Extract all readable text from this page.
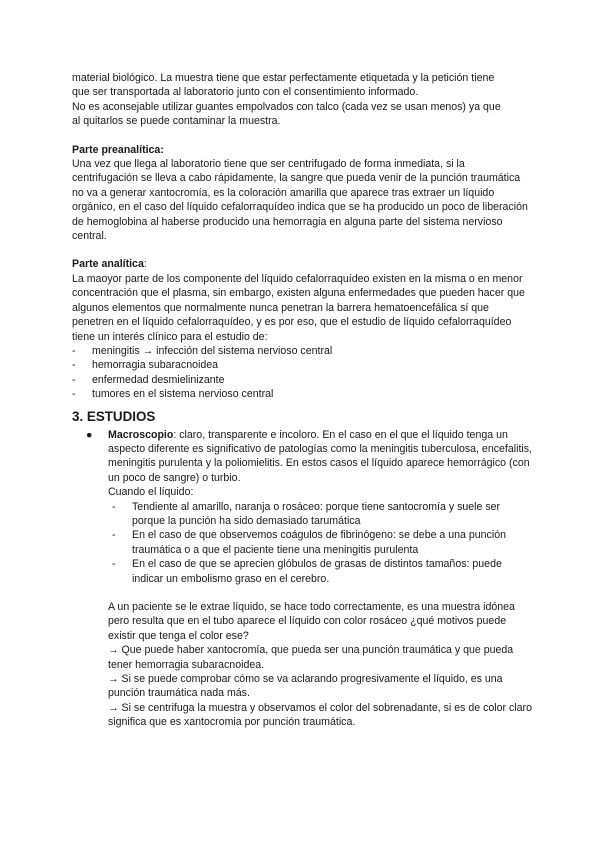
material biológico. La muestra tiene que estar perfectamente etiquetada y la petición tiene

que ser transportada al laboratorio junto con el consentimiento informado.

No es aconsejable utilizar guantes empolvados con talco (cada vez se usan menos) ya que

al quitarlos se puede contaminar la muestra.

Parte preanalítica:

Una vez que llega al laboratorio tiene que ser centrifugado de forma inmediata, si la centrifugación se lleva a cabo rápidamente, la sangre que pueda venir de la punción traumática no va a generar xantocromía, es la coloración amarilla que aparece tras extraer un líquido orgánico, en el caso del líquido cefalorraquídeo indica que se ha producido un poco de liberación de hemoglobina al haberse producido una hemorragia en alguna parte del sistema nervioso central.

Parte analítica:

La maoyor parte de los componente del líquido cefalorraquídeo existen en la misma o en menor concentración que el plasma, sin embargo, existen alguna enfermedades que pueden hacer que algunos elementos que normalmente nunca penetran la barrera hematoencefálica sí que penetren en el líquido cefalorraquídeo, y es por eso, que el estudio de líquido cefalorraquídeo tiene un interés clínico para el estudio de:

- meningitis → infección del sistema nervioso central
- hemorragia subaracnoidea
- enfermedad desmielinizante
- tumores en el sistema nervioso central
3. ESTUDIOS
● Macroscopio: claro, transparente e incoloro. En el caso en el que el líquido tenga un aspecto diferente es significativo de patologías como la meningitis tuberculosa, encefalitis, meningitis purulenta y la poliomielitis. En estos casos el líquido aparece hemorrágico (con un poco de sangre) o turbio.

Cuando el líquido:

- Tendiente al amarillo, naranja o rosáceo: porque tiene santocromía y suele ser porque la punción ha sido demasiado tarumática
- En el caso de que observemos coágulos de fibrinógeno: se debe a una punción traumática o a que el paciente tiene una meningitis purulenta
- En el caso de que se aprecien glóbulos de grasas de distintos tamaños: puede indicar un embolismo graso en el cerebro.

A un paciente se le extrae líquido, se hace todo correctamente, es una muestra idónea pero resulta que en el tubo aparece el líquido con color rosáceo ¿qué motivos puede existir que tenga el color ese?

→ Que puede haber xantocromía, que pueda ser una punción traumática y que pueda tener hemorragia subaracnoidea.

→ Si se puede comprobar cómo se va aclarando progresivamente el líquido, es una punción traumática nada más.

→ Si se centrifuga la muestra y observamos el color del sobrenadante, si es de color claro significa que es xantocromia por punción traumática.
